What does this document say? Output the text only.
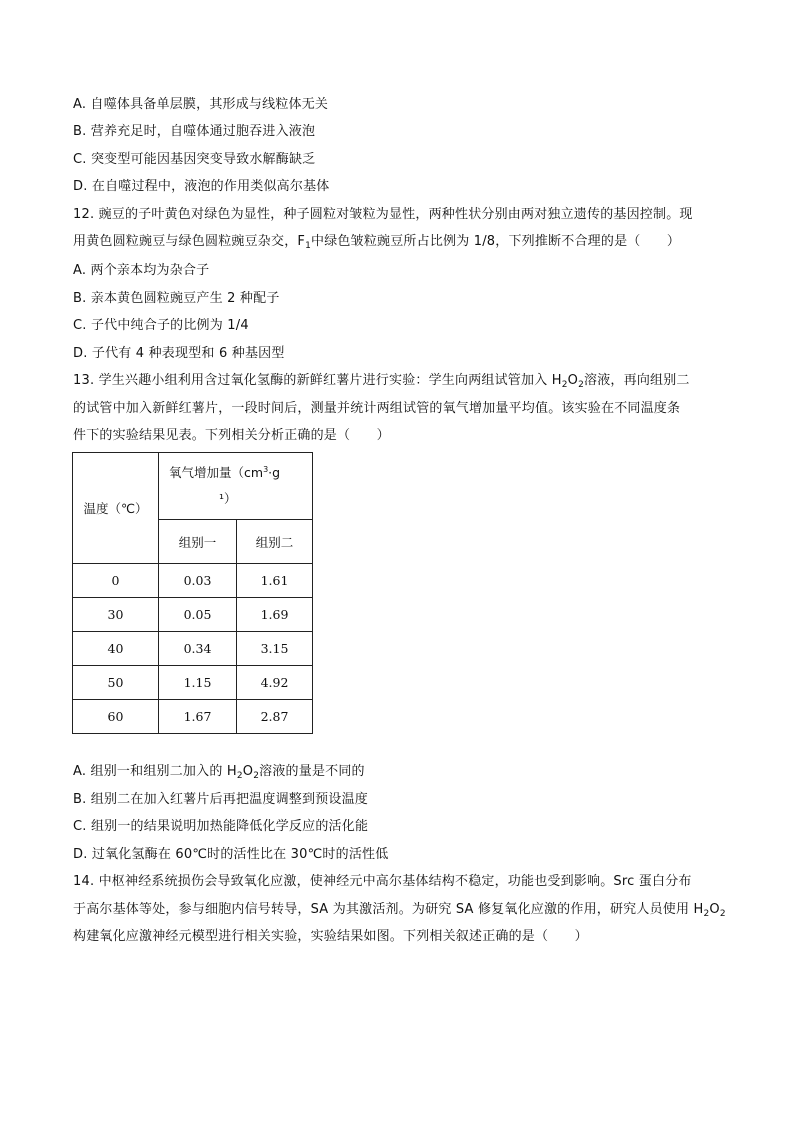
A. 自噬体具备单层膜，其形成与线粒体无关
B. 营养充足时，自噬体通过胞吞进入液泡
C. 突变型可能因基因突变导致水解酶缺乏
D. 在自噬过程中，液泡的作用类似高尔基体
12. 豌豆的子叶黄色对绿色为显性，种子圆粒对皱粒为显性，两种性状分别由两对独立遗传的基因控制。现
用黄色圆粒豌豆与绿色圆粒豌豆杂交，$F_1$中绿色皱粒豌豆所占比例为 1/8，下列推断不合理的是（　　）
A. 两个亲本均为杂合子
B. 亲本黄色圆粒豌豆产生 2 种配子
C. 子代中纯合子的比例为 1/4
D. 子代有 4 种表现型和 6 种基因型
13. 学生兴趣小组利用含过氧化氢酶的新鲜红薯片进行实验：学生向两组试管加入 $H_2O_2$溶液，再向组别二
的试管中加入新鲜红薯片，一段时间后，测量并统计两组试管的氧气增加量平均值。该实验在不同温度条
件下的实验结果见表。下列相关分析正确的是（　　）
温度（℃）	氧气增加量（$cm^3\cdot g$
¹）	

	组别一	组别二
0	0.03	1.61
30	0.05	1.69
40	0.34	3.15
50	1.15	4.92
60	1.67	2.87
A. 组别一和组别二加入的 $H_2O_2$溶液的量是不同的
B. 组别二在加入红薯片后再把温度调整到预设温度
C. 组别一的结果说明加热能降低化学反应的活化能
D. 过氧化氢酶在 60℃时的活性比在 30℃时的活性低
14. 中枢神经系统损伤会导致氧化应激，使神经元中高尔基体结构不稳定，功能也受到影响。Src 蛋白分布
于高尔基体等处，参与细胞内信号转导，SA 为其激活剂。为研究 SA 修复氧化应激的作用，研究人员使用 $H_2O_2$
构建氧化应激神经元模型进行相关实验，实验结果如图。下列相关叙述正确的是（　　）
